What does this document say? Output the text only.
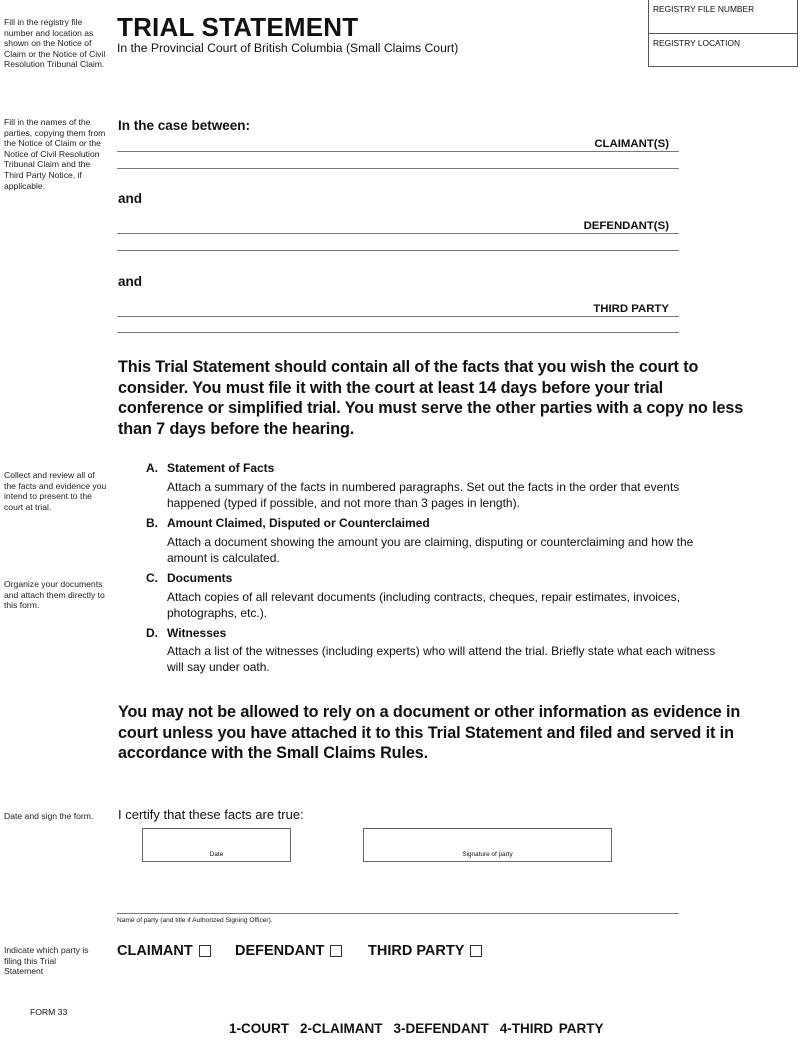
Fill in the registry file number and location as shown on the Notice of Claim or the Notice of Civil Resolution Tribunal Claim.
Fill in the names of the parties, copying them from the Notice of Claim or the Notice of Civil Resolution Tribunal Claim and the Third Party Notice, if applicable.
Collect and review all of the facts and evidence you intend to present to the court at trial.
Organize your documents and attach them directly to this form.
Date and sign the form.
Indicate which party is filing this Trial Statement
TRIAL STATEMENT
In the Provincial Court of British Columbia (Small Claims Court)
REGISTRY FILE NUMBER
REGISTRY LOCATION
In the case between:
CLAIMANT(S)
and
DEFENDANT(S)
and
THIRD PARTY
This Trial Statement should contain all of the facts that you wish the court to consider. You must file it with the court at least 14 days before your trial conference or simplified trial. You must serve the other parties with a copy no less than 7 days before the hearing.
A. Statement of Facts
Attach a summary of the facts in numbered paragraphs. Set out the facts in the order that events happened (typed if possible, and not more than 3 pages in length).
B. Amount Claimed, Disputed or Counterclaimed
Attach a document showing the amount you are claiming, disputing or counterclaiming and how the amount is calculated.
C. Documents
Attach copies of all relevant documents (including contracts, cheques, repair estimates, invoices, photographs, etc.).
D. Witnesses
Attach a list of the witnesses (including experts) who will attend the trial. Briefly state what each witness will say under oath.
You may not be allowed to rely on a document or other information as evidence in court unless you have attached it to this Trial Statement and filed and served it in accordance with the Small Claims Rules.
I certify that these facts are true:
Date	Signature of party
Name of party (and title if Authorized Signing Officer).
CLAIMANT	DEFENDANT	THIRD PARTY
FORM 33
1-COURT 2-CLAIMANT 3-DEFENDANT 4-THIRD PARTY
